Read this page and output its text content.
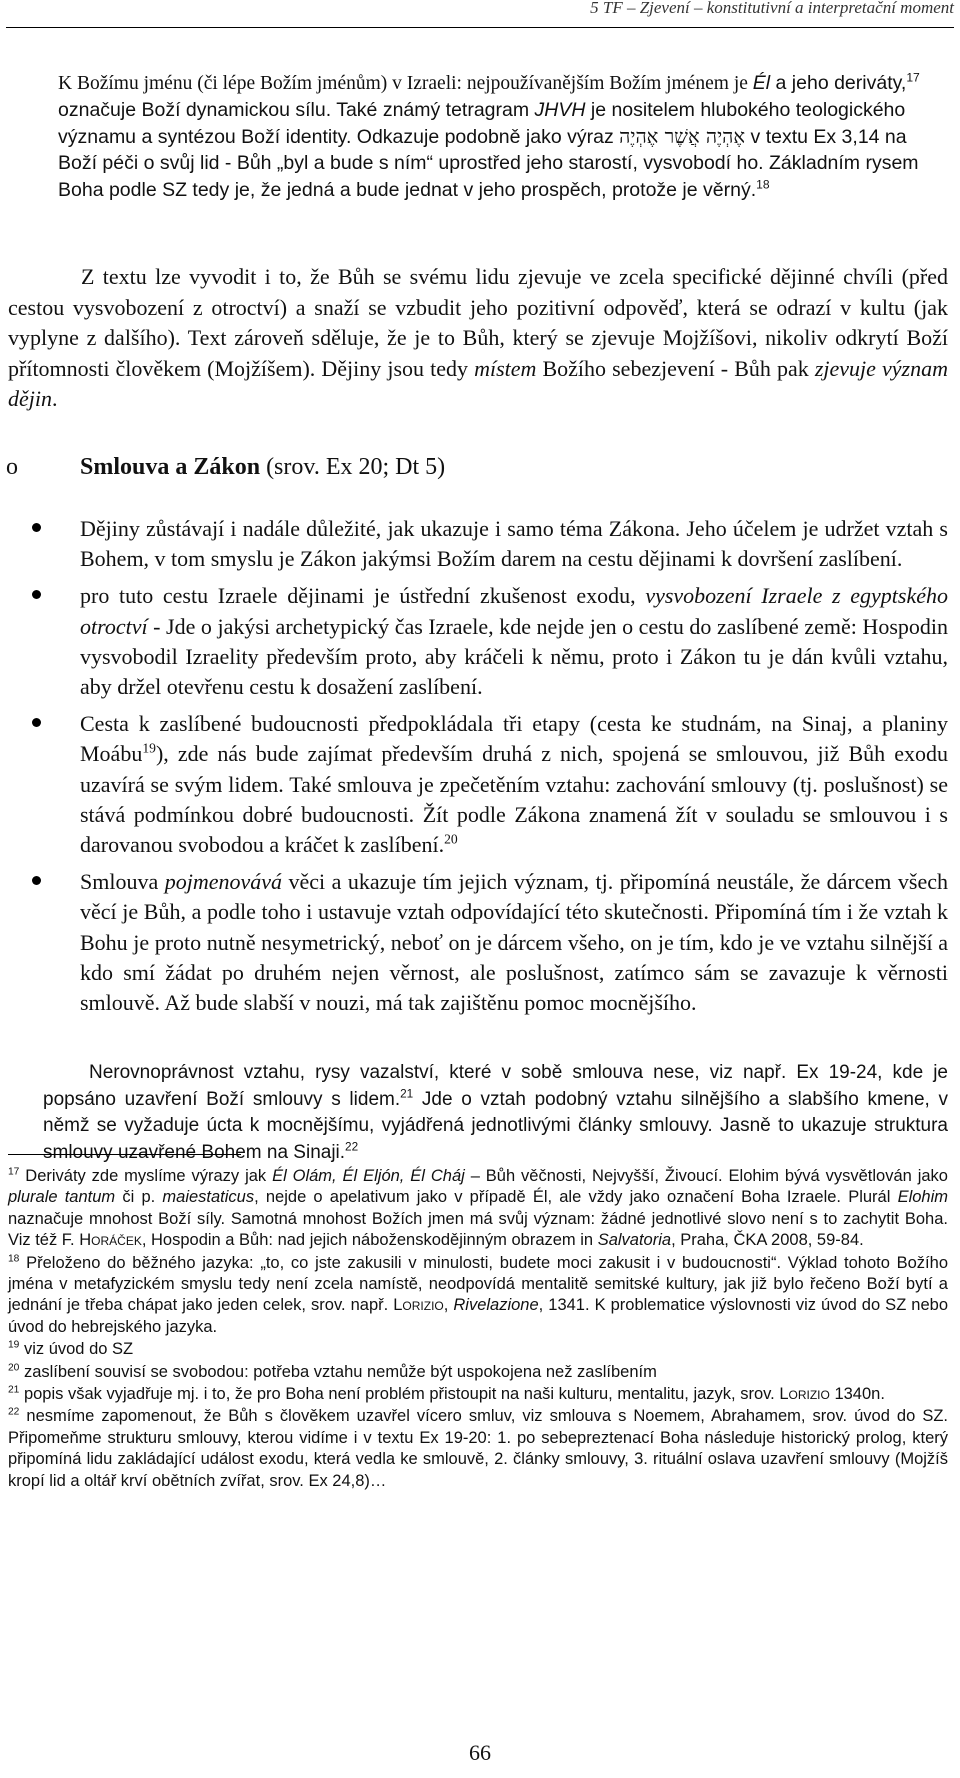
5 TF – Zjevení – konstitutivní a interpretační moment
K Božímu jménu (či lépe Božím jménům) v Izraeli: nejpoužívanějším Božím jménem je Él a jeho deriváty,$^{17}$ označuje Boží dynamickou sílu. Také známý tetragram JHVH je nositelem hlubokého teologického významu a syntézou Boží identity. Odkazuje podobně jako výraz אֶהְיֶה אֲשֶׁר אֶהְיֶה v textu Ex 3,14 na Boží péči o svůj lid - Bůh „byl a bude s ním“ uprostřed jeho starostí, vysvobodí ho. Základním rysem Boha podle SZ tedy je, že jedná a bude jednat v jeho prospěch, protože je věrný.$^{18}$
Z textu lze vyvodit i to, že Bůh se svému lidu zjevuje ve zcela specifické dějinné chvíli (před cestou vysvobození z otroctví) a snaží se vzbudit jeho pozitivní odpověď, která se odrazí v kultu (jak vyplyne z dalšího). Text zároveň sděluje, že je to Bůh, který se zjevuje Mojžíšovi, nikoliv odkrytí Boží přítomnosti člověkem (Mojžíšem). Dějiny jsou tedy místem Božího sebezjevení - Bůh pak zjevuje význam dějin.
o	Smlouva a Zákon (srov. Ex 20; Dt 5)
Dějiny zůstávají i nadále důležité, jak ukazuje i samo téma Zákona. Jeho účelem je udržet vztah s Bohem, v tom smyslu je Zákon jakýmsi Božím darem na cestu dějinami k dovršení zaslíbení.
pro tuto cestu Izraele dějinami je ústřední zkušenost exodu, vysvobození Izraele z egyptského otroctví - Jde o jakýsi archetypický čas Izraele, kde nejde jen o cestu do zaslíbené země: Hospodin vysvobodil Izraelity především proto, aby kráčeli k němu, proto i Zákon tu je dán kvůli vztahu, aby držel otevřenu cestu k dosažení zaslíbení.
Cesta k zaslíbené budoucnosti předpokládala tři etapy (cesta ke studnám, na Sinaj, a planiny Moábu$^{19}$), zde nás bude zajímat především druhá z nich, spojená se smlouvou, již Bůh exodu uzavírá se svým lidem. Také smlouva je zpečetěním vztahu: zachování smlouvy (tj. poslušnost) se stává podmínkou dobré budoucnosti. Žít podle Zákona znamená žít v souladu se smlouvou i s darovanou svobodou a kráčet k zaslíbení.$^{20}$
Smlouva pojmenovává věci a ukazuje tím jejich význam, tj. připomíná neustále, že dárcem všech věcí je Bůh, a podle toho i ustavuje vztah odpovídající této skutečnosti. Připomíná tím i že vztah k Bohu je proto nutně nesymetrický, neboť on je dárcem všeho, on je tím, kdo je ve vztahu silnější a kdo smí žádat po druhém nejen věrnost, ale poslušnost, zatímco sám se zavazuje k věrnosti smlouvě. Až bude slabší v nouzi, má tak zajištěnu pomoc mocnějšího.
Nerovnoprávnost vztahu, rysy vazalství, které v sobě smlouva nese, viz např. Ex 19-24, kde je popsáno uzavření Boží smlouvy s lidem.$^{21}$ Jde o vztah podobný vztahu silnějšího a slabšího kmene, v němž se vyžaduje úcta k mocnějšímu, vyjádřená jednotlivými články smlouvy. Jasně to ukazuje struktura smlouvy uzavřené Bohem na Sinaji.$^{22}$
$^{17}$ Deriváty zde myslíme výrazy jak Él Olám, Él Eljón, Él Cháj – Bůh věčnosti, Nejvyšší, Živoucí. Elohim bývá vysvětlován jako plurale tantum či p. maiestaticus, nejde o apelativum jako v případě Él, ale vždy jako označení Boha Izraele. Plurál Elohim naznačuje mnohost Boží síly. Samotná mnohost Božích jmen má svůj význam: žádné jednotlivé slovo není s to zachytit Boha. Viz též F. Horáček, Hospodin a Bůh: nad jejich náboženskodějinným obrazem in Salvatoria, Praha, ČKA 2008, 59-84.
$^{18}$ Přeloženo do běžného jazyka: „to, co jste zakusili v minulosti, budete moci zakusit i v budoucnosti“. Výklad tohoto Božího jména v metafyzickém smyslu tedy není zcela namístě, neodpovídá mentalitě semitské kultury, jak již bylo řečeno Boží bytí a jednání je třeba chápat jako jeden celek, srov. např. Lorizio, Rivelazione, 1341. K problematice výslovnosti viz úvod do SZ nebo úvod do hebrejského jazyka.
$^{19}$ viz úvod do SZ
$^{20}$ zaslíbení souvisí se svobodou: potřeba vztahu nemůže být uspokojena než zaslíbením
$^{21}$ popis však vyjadřuje mj. i to, že pro Boha není problém přistoupit na naši kulturu, mentalitu, jazyk, srov. Lorizio 1340n.
$^{22}$ nesmíme zapomenout, že Bůh s člověkem uzavřel vícero smluv, viz smlouva s Noemem, Abrahamem, srov. úvod do SZ. Připomeňme strukturu smlouvy, kterou vidíme i v textu Ex 19-20: 1. po sebepreztenací Boha následuje historický prolog, který připomíná lidu zakládající událost exodu, která vedla ke smlouvě, 2. články smlouvy, 3. rituální oslava uzavření smlouvy (Mojžíš kropí lid a oltář krví obětních zvířat, srov. Ex 24,8)…
66
